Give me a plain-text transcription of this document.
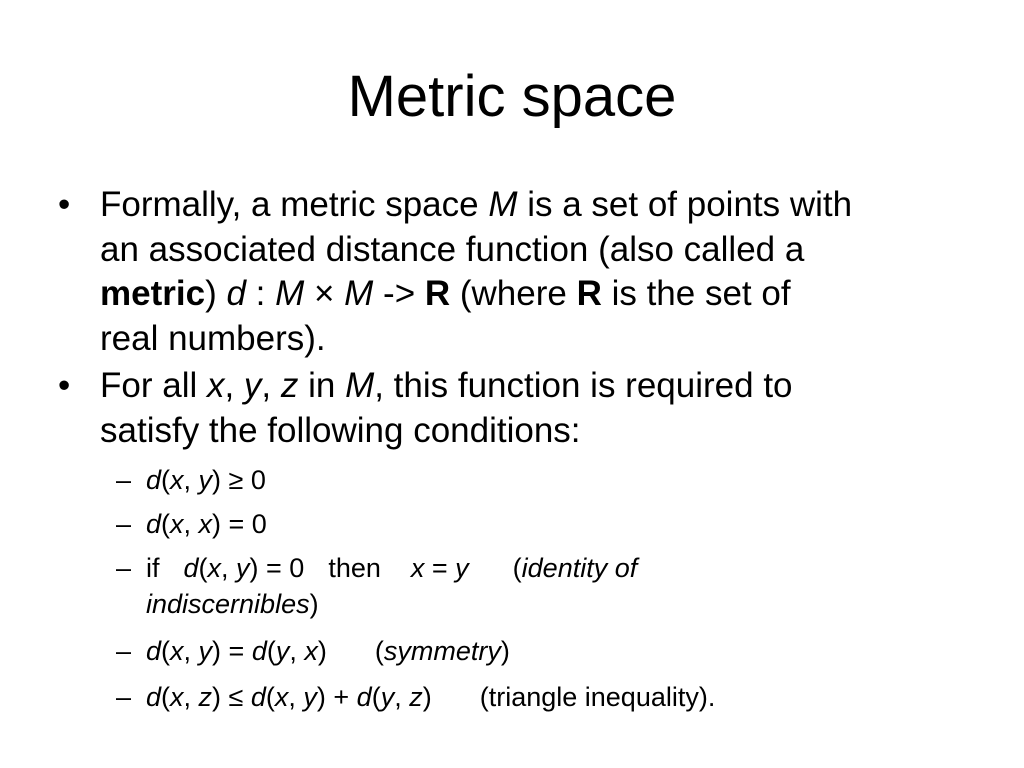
Metric space
• Formally, a metric space M is a set of points with
an associated distance function (also called a
metric) d : M × M -> R (where R is the set of
real numbers).
• For all x, y, z in M, this function is required to
satisfy the following conditions:
– d(x, y) ≥ 0
– d(x, x) = 0
– if d(x, y) = 0 then x = y (identity of
indiscernibles)
– d(x, y) = d(y, x) (symmetry)
– d(x, z) ≤ d(x, y) + d(y, z) (triangle inequality).
